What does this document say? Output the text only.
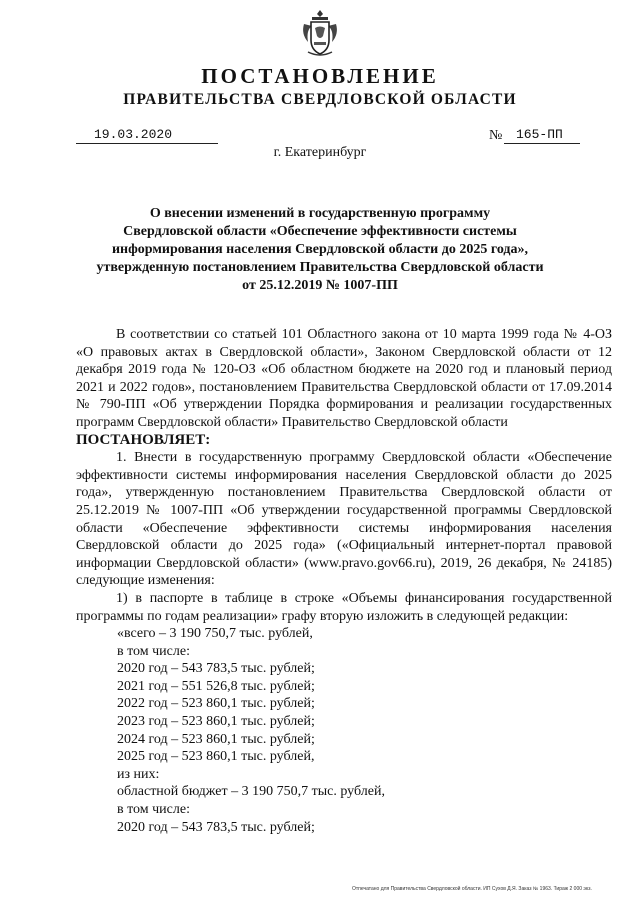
ПОСТАНОВЛЕНИЕ
ПРАВИТЕЛЬСТВА СВЕРДЛОВСКОЙ ОБЛАСТИ
19.03.2020	№	165-ПП
г. Екатеринбург
О внесении изменений в государственную программу
Свердловской области «Обеспечение эффективности системы
информирования населения Свердловской области до 2025 года»,
утвержденную постановлением Правительства Свердловской области
от 25.12.2019 № 1007-ПП

В соответствии со статьей 101 Областного закона от 10 марта 1999 года № 4-ОЗ «О правовых актах в Свердловской области», Законом Свердловской области от 12 декабря 2019 года № 120-ОЗ «Об областном бюджете на 2020 год и плановый период 2021 и 2022 годов», постановлением Правительства Свердловской области от 17.09.2014 № 790-ПП «Об утверждении Порядка формирования и реализации государственных программ Свердловской области» Правительство Свердловской области

ПОСТАНОВЛЯЕТ:

1. Внести в государственную программу Свердловской области «Обеспечение эффективности системы информирования населения Свердловской области до 2025 года», утвержденную постановлением Правительства Свердловской области от 25.12.2019 № 1007-ПП «Об утверждении государственной программы Свердловской области «Обеспечение эффективности системы информирования населения Свердловской области до 2025 года» («Официальный интернет-портал правовой информации Свердловской области» (www.pravo.gov66.ru), 2019, 26 декабря, № 24185) следующие изменения:

1) в паспорте в таблице в строке «Объемы финансирования государственной программы по годам реализации» графу вторую изложить в следующей редакции:

«всего – 3 190 750,7 тыс. рублей,

в том числе:

2020 год – 543 783,5 тыс. рублей;

2021 год – 551 526,8 тыс. рублей;

2022 год – 523 860,1 тыс. рублей;

2023 год – 523 860,1 тыс. рублей;

2024 год – 523 860,1 тыс. рублей;

2025 год – 523 860,1 тыс. рублей,

из них:

областной бюджет – 3 190 750,7 тыс. рублей,

в том числе:

2020 год – 543 783,5 тыс. рублей;

Отпечатано для Правительства Свердловской области. ИП Сухов Д.Я. Заказ № 1963. Тираж 2 000 экз.
